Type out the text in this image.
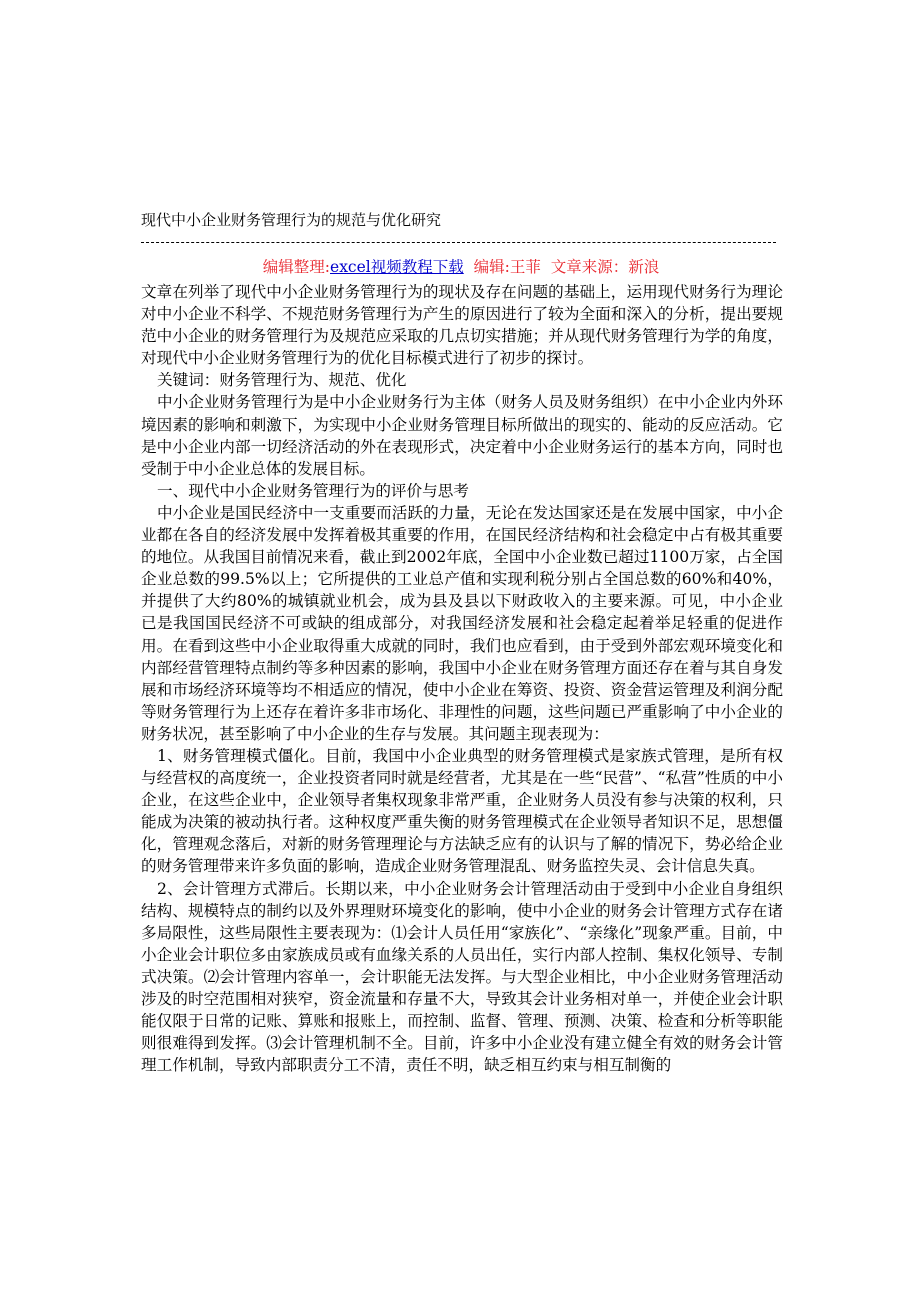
现代中小企业财务管理行为的规范与优化研究
编辑整理:excel视频教程下载 编辑:王菲 文章来源：新浪

文章在列举了现代中小企业财务管理行为的现状及存在问题的基础上，运用现代财务行为理论对中小企业不科学、不规范财务管理行为产生的原因进行了较为全面和深入的分析，提出要规范中小企业的财务管理行为及规范应采取的几点切实措施；并从现代财务管理行为学的角度，对现代中小企业财务管理行为的优化目标模式进行了初步的探讨。

关键词：财务管理行为、规范、优化

中小企业财务管理行为是中小企业财务行为主体（财务人员及财务组织）在中小企业内外环境因素的影响和刺激下，为实现中小企业财务管理目标所做出的现实的、能动的反应活动。它是中小企业内部一切经济活动的外在表现形式，决定着中小企业财务运行的基本方向，同时也受制于中小企业总体的发展目标。

一、现代中小企业财务管理行为的评价与思考

中小企业是国民经济中一支重要而活跃的力量，无论在发达国家还是在发展中国家，中小企业都在各自的经济发展中发挥着极其重要的作用，在国民经济结构和社会稳定中占有极其重要的地位。从我国目前情况来看，截止到2002年底，全国中小企业数已超过1100万家，占全国企业总数的99.5%以上；它所提供的工业总产值和实现利税分别占全国总数的60%和40%，并提供了大约80%的城镇就业机会，成为县及县以下财政收入的主要来源。可见，中小企业已是我国国民经济不可或缺的组成部分，对我国经济发展和社会稳定起着举足轻重的促进作用。在看到这些中小企业取得重大成就的同时，我们也应看到，由于受到外部宏观环境变化和内部经营管理特点制约等多种因素的影响，我国中小企业在财务管理方面还存在着与其自身发展和市场经济环境等均不相适应的情况，使中小企业在筹资、投资、资金营运管理及利润分配等财务管理行为上还存在着许多非市场化、非理性的问题，这些问题已严重影响了中小企业的财务状况，甚至影响了中小企业的生存与发展。其问题主现表现为：

1、财务管理模式僵化。目前，我国中小企业典型的财务管理模式是家族式管理，是所有权与经营权的高度统一，企业投资者同时就是经营者，尤其是在一些“民营”、“私营”性质的中小企业，在这些企业中，企业领导者集权现象非常严重，企业财务人员没有参与决策的权利，只能成为决策的被动执行者。这种权度严重失衡的财务管理模式在企业领导者知识不足，思想僵化，管理观念落后，对新的财务管理理论与方法缺乏应有的认识与了解的情况下，势必给企业的财务管理带来许多负面的影响，造成企业财务管理混乱、财务监控失灵、会计信息失真。

2、会计管理方式滞后。长期以来，中小企业财务会计管理活动由于受到中小企业自身组织结构、规模特点的制约以及外界理财环境变化的影响，使中小企业的财务会计管理方式存在诸多局限性，这些局限性主要表现为：⑴会计人员任用“家族化”、“亲缘化”现象严重。目前，中小企业会计职位多由家族成员或有血缘关系的人员出任，实行内部人控制、集权化领导、专制式决策。⑵会计管理内容单一，会计职能无法发挥。与大型企业相比，中小企业财务管理活动涉及的时空范围相对狭窄，资金流量和存量不大，导致其会计业务相对单一，并使企业会计职能仅限于日常的记账、算账和报账上，而控制、监督、管理、预测、决策、检查和分析等职能则很难得到发挥。⑶会计管理机制不全。目前，许多中小企业没有建立健全有效的财务会计管理工作机制，导致内部职责分工不清，责任不明，缺乏相互约束与相互制衡的
